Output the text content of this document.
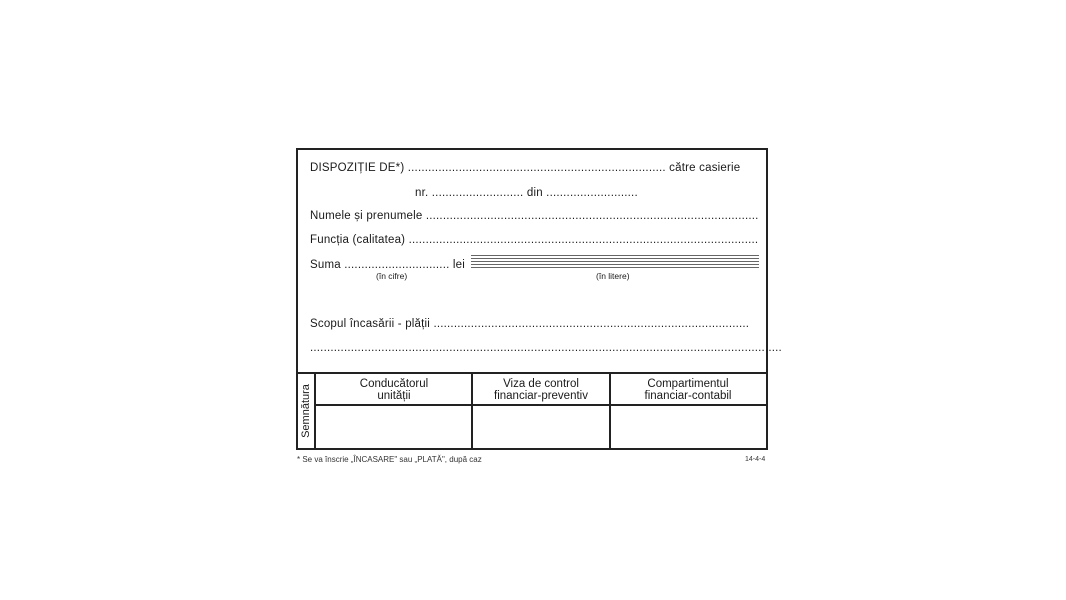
DISPOZIȚIE DE*) ............................................................................ către casierie
nr. ........................... din ...........................
Numele și prenumele ..................................................................................................
Funcția (calitatea) .......................................................................................................
Suma ............................... lei
(în cifre)	(în litere)
Scopul încasării - plății .............................................................................................
...........................................................................................................................................
Semnătura
Conducătorul
unității
Viza de control
financiar-preventiv
Compartimentul
financiar-contabil
* Se va înscrie „ÎNCASARE" sau „PLATĂ", după caz	14-4-4
